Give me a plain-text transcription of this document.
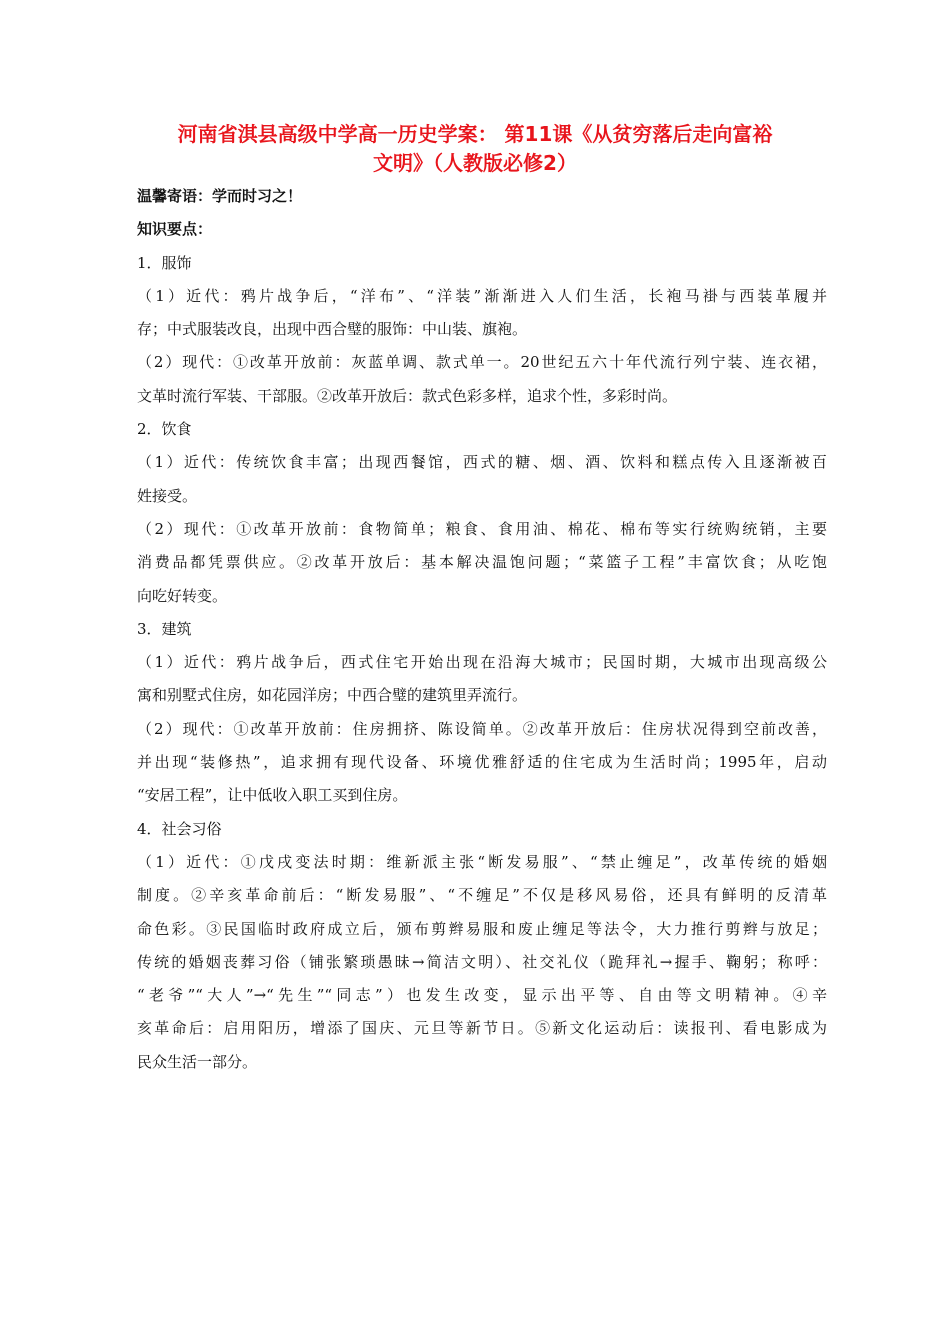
河南省淇县高级中学高一历史学案： 第11课《从贫穷落后走向富裕
文明》（人教版必修2）
温馨寄语：学而时习之！
知识要点：
1．服饰
（1）近代：鸦片战争后，“洋布”、“洋装”渐渐进入人们生活，长袍马褂与西装革履并
存；中式服装改良，出现中西合璧的服饰：中山装、旗袍。
（2）现代：①改革开放前：灰蓝单调、款式单一。20世纪五六十年代流行列宁装、连衣裙，
文革时流行军装、干部服。②改革开放后：款式色彩多样，追求个性，多彩时尚。
2．饮食
（1）近代：传统饮食丰富；出现西餐馆，西式的糖、烟、酒、饮料和糕点传入且逐渐被百
姓接受。
（2）现代：①改革开放前：食物简单；粮食、食用油、棉花、棉布等实行统购统销，主要
消费品都凭票供应。②改革开放后：基本解决温饱问题；“菜篮子工程”丰富饮食；从吃饱
向吃好转变。
3．建筑
（1）近代：鸦片战争后，西式住宅开始出现在沿海大城市；民国时期，大城市出现高级公
寓和别墅式住房，如花园洋房；中西合璧的建筑里弄流行。
（2）现代：①改革开放前：住房拥挤、陈设简单。②改革开放后：住房状况得到空前改善，
并出现“装修热”，追求拥有现代设备、环境优雅舒适的住宅成为生活时尚；1995年，启动
“安居工程”，让中低收入职工买到住房。
4．社会习俗
（1）近代：①戊戌变法时期：维新派主张“断发易服”、“禁止缠足”，改革传统的婚姻
制度。②辛亥革命前后：“断发易服”、“不缠足”不仅是移风易俗，还具有鲜明的反清革
命色彩。③民国临时政府成立后，颁布剪辫易服和废止缠足等法令，大力推行剪辫与放足；
传统的婚姻丧葬习俗（铺张繁琐愚昧→简洁文明）、社交礼仪（跪拜礼→握手、鞠躬；称呼：
“老爷”“大人”→“先生”“同志”）也发生改变，显示出平等、自由等文明精神。④辛
亥革命后：启用阳历，增添了国庆、元旦等新节日。⑤新文化运动后：读报刊、看电影成为
民众生活一部分。
